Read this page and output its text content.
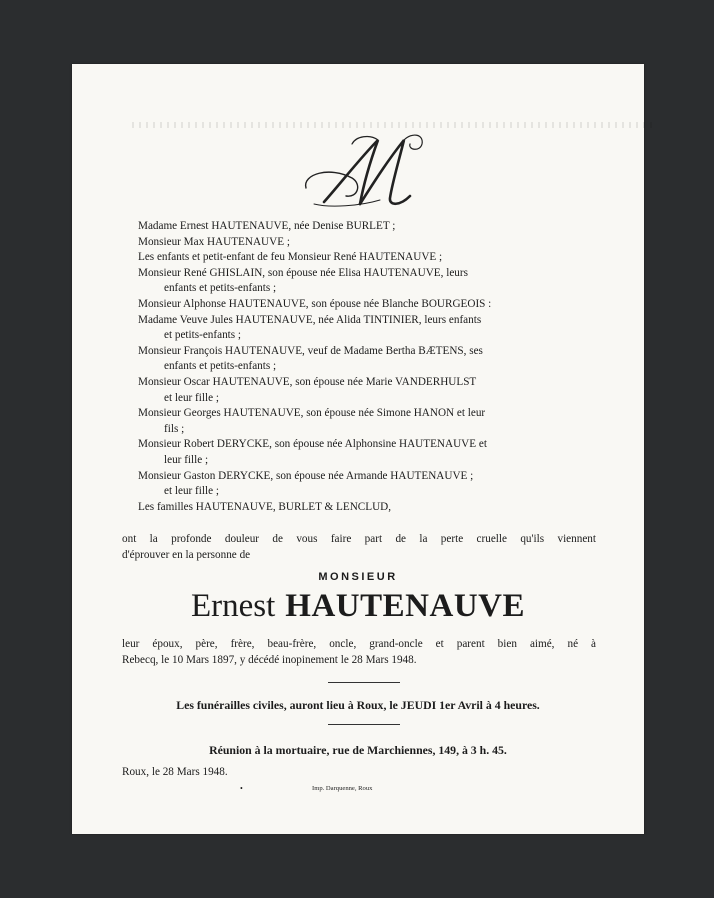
Madame Ernest HAUTENAUVE, née Denise BURLET ;
Monsieur Max HAUTENAUVE ;
Les enfants et petit-enfant de feu Monsieur René HAUTENAUVE ;
Monsieur René GHISLAIN, son épouse née Elisa HAUTENAUVE, leurs
enfants et petits-enfants ;
Monsieur Alphonse HAUTENAUVE, son épouse née Blanche BOURGEOIS :
Madame Veuve Jules HAUTENAUVE, née Alida TINTINIER, leurs enfants
et petits-enfants ;
Monsieur François HAUTENAUVE, veuf de Madame Bertha BÆTENS, ses
enfants et petits-enfants ;
Monsieur Oscar HAUTENAUVE, son épouse née Marie VANDERHULST
et leur fille ;
Monsieur Georges HAUTENAUVE, son épouse née Simone HANON et leur
fils ;
Monsieur Robert DERYCKE, son épouse née Alphonsine HAUTENAUVE et
leur fille ;
Monsieur Gaston DERYCKE, son épouse née Armande HAUTENAUVE ;
et leur fille ;
Les familles HAUTENAUVE, BURLET & LENCLUD,
ont la profonde douleur de vous faire part de la perte cruelle qu'ils viennent
d'éprouver en la personne de
MONSIEUR
Ernest HAUTENAUVE
leur époux, père, frère, beau-frère, oncle, grand-oncle et parent bien aimé, né à
Rebecq, le 10 Mars 1897, y décédé inopinement le 28 Mars 1948.
Les funérailles civiles, auront lieu à Roux, le JEUDI 1er Avril à 4 heures.
Réunion à la mortuaire, rue de Marchiennes, 149, à 3 h. 45.
Roux, le 28 Mars 1948.
•	Imp. Darquenne, Roux
